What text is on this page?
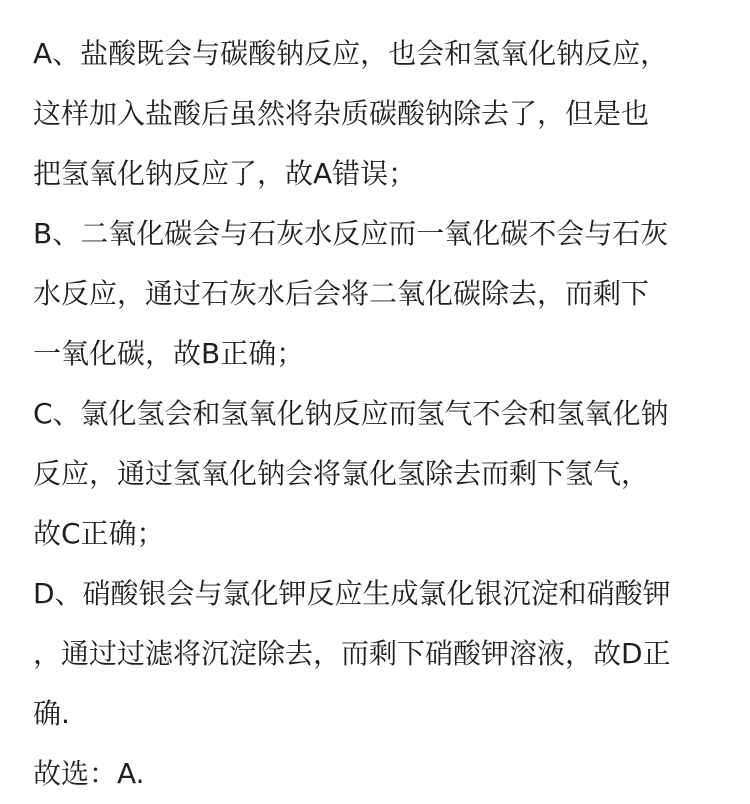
A、盐酸既会与碳酸钠反应，也会和氢氧化钠反应，
这样加入盐酸后虽然将杂质碳酸钠除去了，但是也
把氢氧化钠反应了，故A错误；
B、二氧化碳会与石灰水反应而一氧化碳不会与石灰
水反应，通过石灰水后会将二氧化碳除去，而剩下
一氧化碳，故B正确；
C、氯化氢会和氢氧化钠反应而氢气不会和氢氧化钠
反应，通过氢氧化钠会将氯化氢除去而剩下氢气，
故C正确；
D、硝酸银会与氯化钾反应生成氯化银沉淀和硝酸钾
，通过过滤将沉淀除去，而剩下硝酸钾溶液，故D正
确.
故选：A.
